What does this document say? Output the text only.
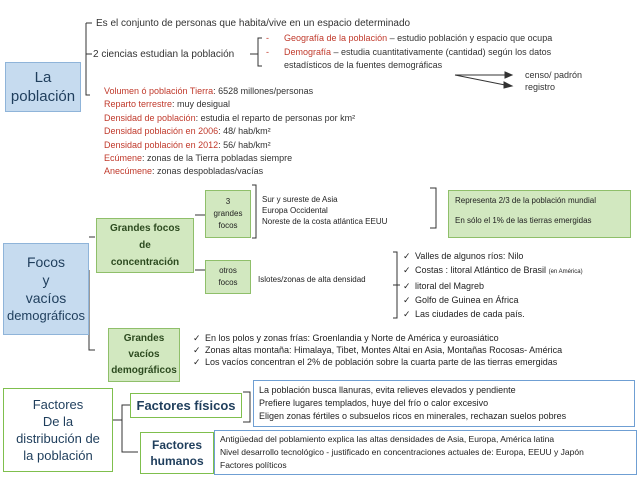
La
población
Es el conjunto de personas que habita/vive en un espacio determinado
2 ciencias estudian la población
- Geografía de la población – estudio población y espacio que ocupa
- Demografía – estudia cuantitativamente (cantidad) según los datos
estadísticos de la fuentes demográficas
censo/ padrón
registro
Volumen ó población Tierra: 6528 millones/personas
Reparto terrestre: muy desigual
Densidad de población: estudia el reparto de personas por km²
Densidad población en 2006: 48/ hab/km²
Densidad población en 2012: 56/ hab/km²
Ecúmene: zonas de la Tierra pobladas siempre
Anecúmene: zonas despobladas/vacías
Focos
y
vacíos
demográficos
Grandes focos
de
concentración
3
grandes
focos
Sur y sureste de Asia
Europa Occidental
Noreste de la costa atlántica EEUU
Representa 2/3 de la población mundial
En sólo el 1% de las tierras emergidas
otros
focos	Islotes/zonas de alta densidad
✓ Valles de algunos ríos: Nilo
✓ Costas : litoral Atlántico de Brasil (en América)
✓ litoral del Magreb
✓ Golfo de Guinea en África
✓ Las ciudades de cada país.
Grandes
vacíos
demográficos
✓ En los polos y zonas frías: Groenlandia y Norte de América y euroasiático
✓ Zonas altas montaña: Himalaya, Tibet, Montes Altai en Asia, Montañas Rocosas- América
✓ Los vacíos concentran el 2% de población sobre la cuarta parte de las tierras emergidas
Factores
De la
distribución de
la población
Factores físicos
La población busca llanuras, evita relieves elevados y pendiente
Prefiere lugares templados, huye del frío o calor excesivo
Eligen zonas fértiles o subsuelos ricos en minerales, rechazan suelos pobres
Factores
humanos
Antigüedad del poblamiento explica las altas densidades de Asia, Europa, América latina
Nivel desarrollo tecnológico - justificado en concentraciones actuales de: Europa, EEUU y Japón
Factores políticos
